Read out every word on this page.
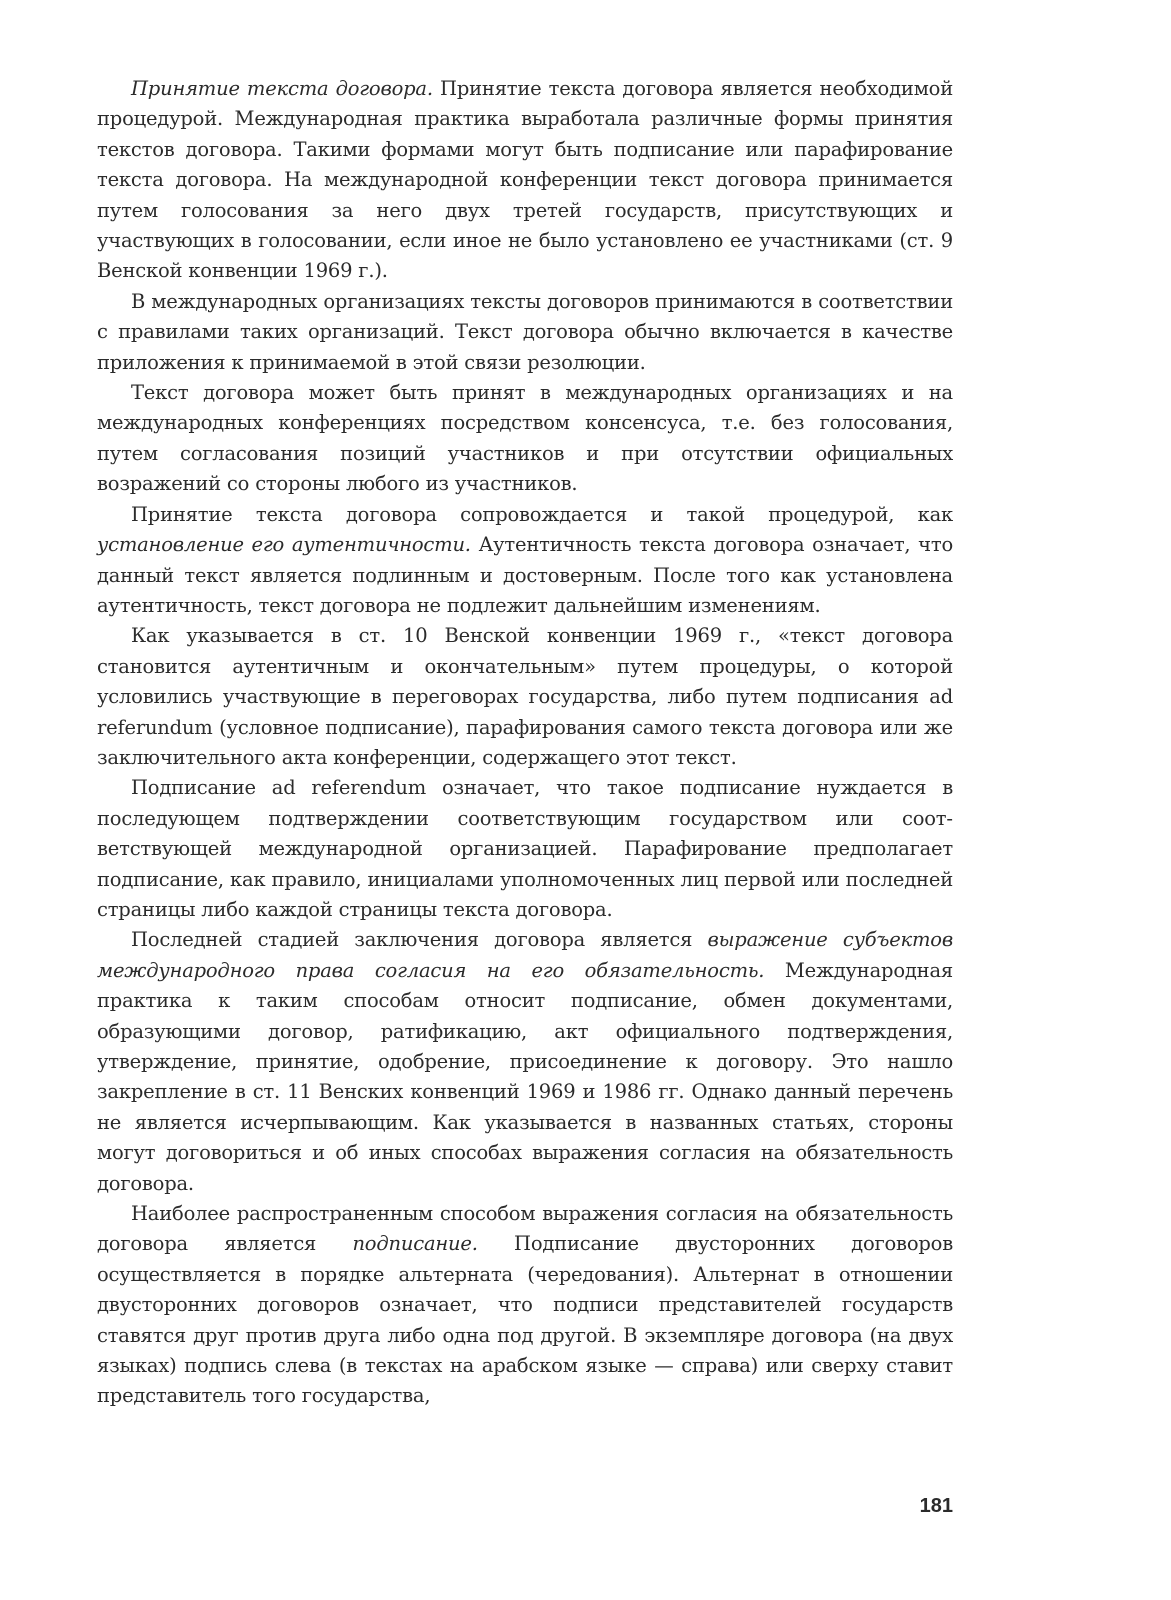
Принятие текста договора. Принятие текста договора является необходимой процедурой. Международная практика выработала различные формы принятия текстов договора. Такими формами могут быть подписание или парафирование текста договора. На международной конференции текст договора принимается путем голосования за него двух третей государств, присутствующих и участвующих в голосовании, если иное не было установлено ее участниками (ст. 9 Венской конвенции 1969 г.).

В международных организациях тексты договоров принимаются в соответствии с правилами таких организаций. Текст договора обычно включается в качестве приложения к принимаемой в этой связи резолюции.

Текст договора может быть принят в международных организациях и на международных конференциях посредством консенсуса, т.е. без голосования, путем согласования позиций участников и при отсутствии официальных возражений со стороны любого из участников.

Принятие текста договора сопровождается и такой процедурой, как установление его аутентичности. Аутентичность текста договора означает, что данный текст является подлинным и достоверным. После того как установлена аутентичность, текст договора не подлежит дальнейшим изменениям.

Как указывается в ст. 10 Венской конвенции 1969 г., «текст договора становится аутентичным и окончательным» путем процедуры, о которой условились участвующие в переговорах государства, либо путем подписания ad referundum (условное подписание), парафирования самого текста договора или же заключительного акта конференции, содержащего этот текст.

Подписание ad referendum означает, что такое подписание нуждается в последующем подтверждении соответствующим государством или соответствующей международной организацией. Парафирование предполагает подписание, как правило, инициалами уполномоченных лиц первой или последней страницы либо каждой страницы текста договора.

Последней стадией заключения договора является выражение субъектов международного права согласия на его обязательность. Международная практика к таким способам относит подписание, обмен документами, образующими договор, ратификацию, акт официального подтверждения, утверждение, принятие, одобрение, присоединение к договору. Это нашло закрепление в ст. 11 Венских конвенций 1969 и 1986 гг. Однако данный перечень не является исчерпывающим. Как указывается в названных статьях, стороны могут договориться и об иных способах выражения согласия на обязательность договора.

Наиболее распространенным способом выражения согласия на обязательность договора является подписание. Подписание двусторонних договоров осуществляется в порядке альтерната (чередования). Альтернат в отношении двусторонних договоров означает, что подписи представителей государств ставятся друг против друга либо одна под другой. В экземпляре договора (на двух языках) подпись слева (в текстах на арабском языке — справа) или сверху ставит представитель того государства,

181
